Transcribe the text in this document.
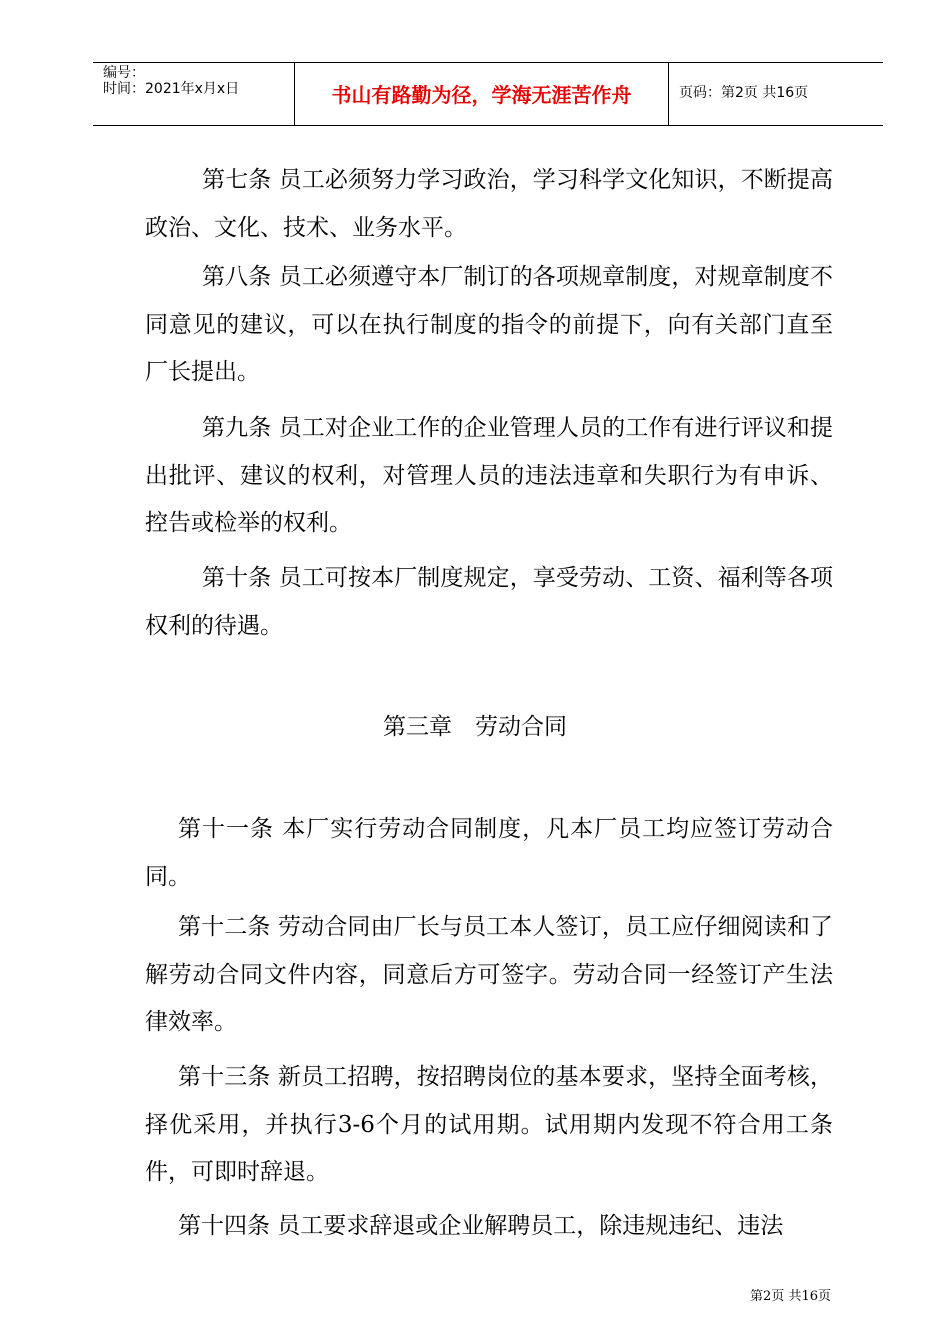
编号：
时间：2021年x月x日	书山有路勤为径，学海无涯苦作舟	页码：第2页 共16页
第七条 员工必须努力学习政治，学习科学文化知识，不断提高政治、文化、技术、业务水平。
第八条 员工必须遵守本厂制订的各项规章制度，对规章制度不同意见的建议，可以在执行制度的指令的前提下，向有关部门直至厂长提出。
第九条 员工对企业工作的企业管理人员的工作有进行评议和提出批评、建议的权利，对管理人员的违法违章和失职行为有申诉、控告或检举的权利。
第十条 员工可按本厂制度规定，享受劳动、工资、福利等各项权利的待遇。
第三章　劳动合同
第十一条 本厂实行劳动合同制度，凡本厂员工均应签订劳动合同。
第十二条 劳动合同由厂长与员工本人签订，员工应仔细阅读和了解劳动合同文件内容，同意后方可签字。劳动合同一经签订产生法律效率。
第十三条 新员工招聘，按招聘岗位的基本要求，坚持全面考核，择优采用，并执行3-6个月的试用期。试用期内发现不符合用工条件，可即时辞退。
第十四条 员工要求辞退或企业解聘员工，除违规违纪、违法
第2页 共16页
